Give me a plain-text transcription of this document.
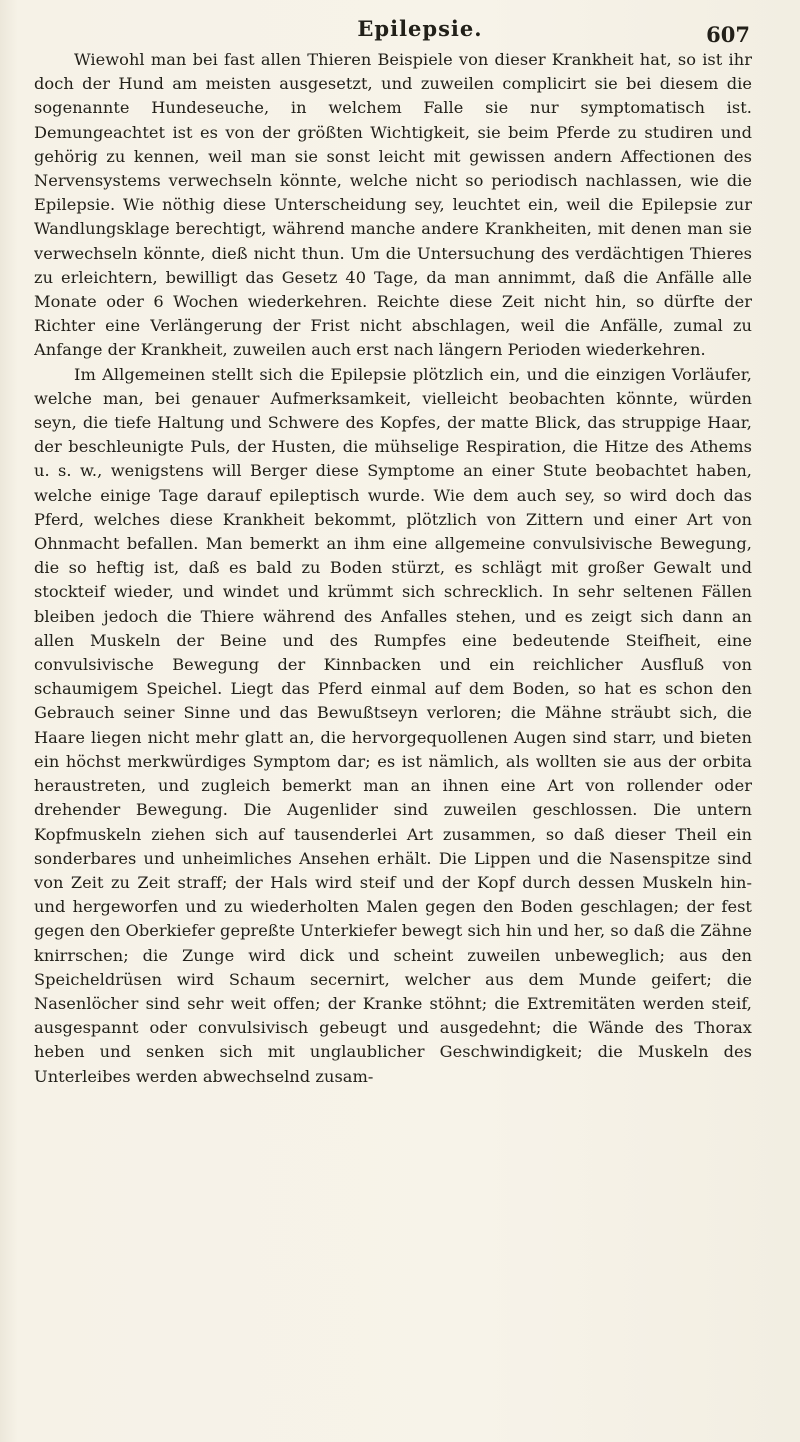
Epilepsie.	607

Wiewohl man bei fast allen Thieren Beispiele von dieser Krankheit hat, so ist ihr doch der Hund am meisten ausgesetzt, und zuweilen complicirt sie bei diesem die sogenannte Hundeseuche, in welchem Falle sie nur symptomatisch ist. Demungeachtet ist es von der größten Wichtigkeit, sie beim Pferde zu studiren und gehörig zu kennen, weil man sie sonst leicht mit gewissen andern Affectionen des Nervensystems verwechseln könnte, welche nicht so periodisch nachlassen, wie die Epilepsie. Wie nöthig diese Unterscheidung sey, leuchtet ein, weil die Epilepsie zur Wandlungsklage berechtigt, während manche andere Krankheiten, mit denen man sie verwechseln könnte, dieß nicht thun. Um die Untersuchung des verdächtigen Thieres zu erleichtern, bewilligt das Gesetz 40 Tage, da man annimmt, daß die Anfälle alle Monate oder 6 Wochen wiederkehren. Reichte diese Zeit nicht hin, so dürfte der Richter eine Verlängerung der Frist nicht abschlagen, weil die Anfälle, zumal zu Anfange der Krankheit, zuweilen auch erst nach längern Perioden wiederkehren.

Im Allgemeinen stellt sich die Epilepsie plötzlich ein, und die einzigen Vorläufer, welche man, bei genauer Aufmerksamkeit, vielleicht beobachten könnte, würden seyn, die tiefe Haltung und Schwere des Kopfes, der matte Blick, das struppige Haar, der beschleunigte Puls, der Husten, die mühselige Respiration, die Hitze des Athems u. s. w., wenigstens will Berger diese Symptome an einer Stute beobachtet haben, welche einige Tage darauf epileptisch wurde. Wie dem auch sey, so wird doch das Pferd, welches diese Krankheit bekommt, plötzlich von Zittern und einer Art von Ohnmacht befallen. Man bemerkt an ihm eine allgemeine convulsivische Bewegung, die so heftig ist, daß es bald zu Boden stürzt, es schlägt mit großer Gewalt und stockteif wieder, und windet und krümmt sich schrecklich. In sehr seltenen Fällen bleiben jedoch die Thiere während des Anfalles stehen, und es zeigt sich dann an allen Muskeln der Beine und des Rumpfes eine bedeutende Steifheit, eine convulsivische Bewegung der Kinnbacken und ein reichlicher Ausfluß von schaumigem Speichel. Liegt das Pferd einmal auf dem Boden, so hat es schon den Gebrauch seiner Sinne und das Bewußtseyn verloren; die Mähne sträubt sich, die Haare liegen nicht mehr glatt an, die hervorgequollenen Augen sind starr, und bieten ein höchst merkwürdiges Symptom dar; es ist nämlich, als wollten sie aus der orbita heraustreten, und zugleich bemerkt man an ihnen eine Art von rollender oder drehender Bewegung. Die Augenlider sind zuweilen geschlossen. Die untern Kopfmuskeln ziehen sich auf tausenderlei Art zusammen, so daß dieser Theil ein sonderbares und unheimliches Ansehen erhält. Die Lippen und die Nasenspitze sind von Zeit zu Zeit straff; der Hals wird steif und der Kopf durch dessen Muskeln hin- und hergeworfen und zu wiederholten Malen gegen den Boden geschlagen; der fest gegen den Oberkiefer gepreßte Unterkiefer bewegt sich hin und her, so daß die Zähne knirrschen; die Zunge wird dick und scheint zuweilen unbeweglich; aus den Speicheldrüsen wird Schaum secernirt, welcher aus dem Munde geifert; die Nasenlöcher sind sehr weit offen; der Kranke stöhnt; die Extremitäten werden steif, ausgespannt oder convulsivisch gebeugt und ausgedehnt; die Wände des Thorax heben und senken sich mit unglaublicher Geschwindigkeit; die Muskeln des Unterleibes werden abwechselnd zusam-
